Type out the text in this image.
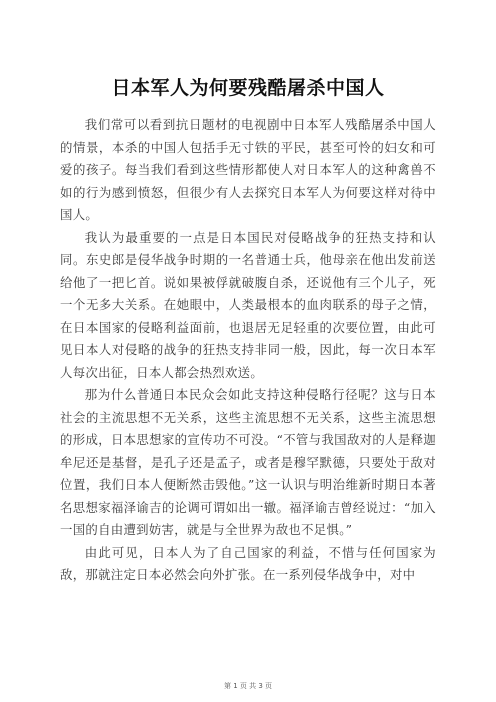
日本军人为何要残酷屠杀中国人

我们常可以看到抗日题材的电视剧中日本军人残酷屠杀中国人的情景，本杀的中国人包括手无寸铁的平民，甚至可怜的妇女和可爱的孩子。每当我们看到这些情形都使人对日本军人的这种禽兽不如的行为感到愤怒，但很少有人去探究日本军人为何要这样对待中国人。

我认为最重要的一点是日本国民对侵略战争的狂热支持和认同。东史郎是侵华战争时期的一名普通士兵，他母亲在他出发前送给他了一把匕首。说如果被俘就破腹自杀，还说他有三个儿子，死一个无多大关系。在她眼中，人类最根本的血肉联系的母子之情，在日本国家的侵略利益面前，也退居无足轻重的次要位置，由此可见日本人对侵略的战争的狂热支持非同一般，因此，每一次日本军人每次出征，日本人都会热烈欢送。

那为什么普通日本民众会如此支持这种侵略行径呢？这与日本社会的主流思想不无关系，这些主流思想不无关系，这些主流思想的形成，日本思想家的宣传功不可没。“不管与我国敌对的人是释迦牟尼还是基督，是孔子还是孟子，或者是穆罕默德，只要处于敌对位置，我们日本人便断然击毁他。”这一认识与明治维新时期日本著名思想家福泽谕吉的论调可谓如出一辙。福泽谕吉曾经说过：“加入一国的自由遭到妨害，就是与全世界为敌也不足惧。”

由此可见，日本人为了自己国家的利益，不惜与任何国家为敌，那就注定日本必然会向外扩张。在一系列侵华战争中，对中

第 1 页 共 3 页
